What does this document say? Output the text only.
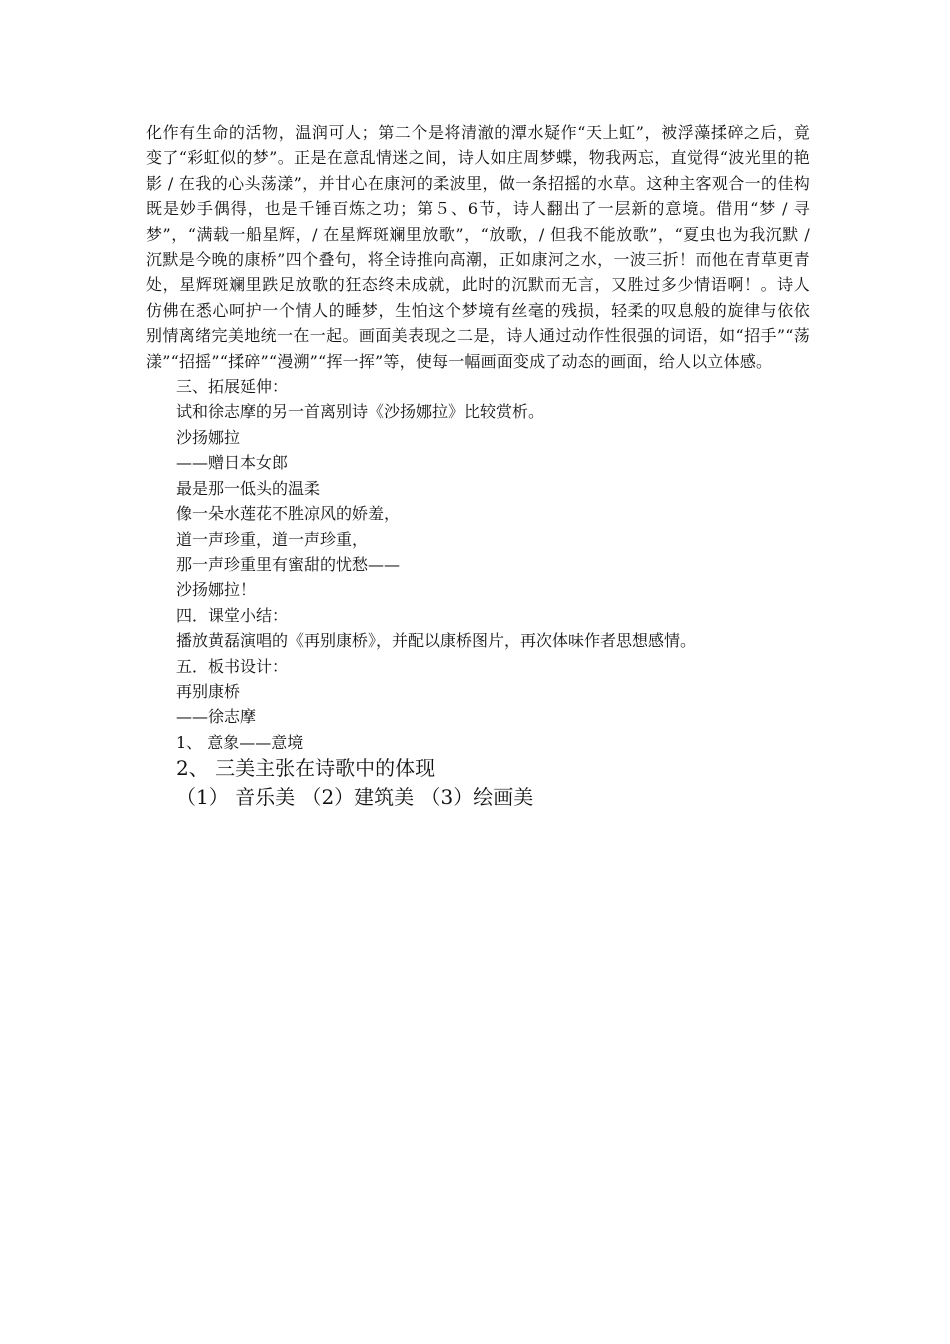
化作有生命的活物，温润可人；第二个是将清澈的潭水疑作“天上虹”，被浮藻揉碎之后，竟变了“彩虹似的梦”。正是在意乱情迷之间，诗人如庄周梦蝶，物我两忘，直觉得“波光里的艳影 / 在我的心头荡漾”，并甘心在康河的柔波里，做一条招摇的水草。这种主客观合一的佳构既是妙手偶得，也是千锤百炼之功；第５、6节，诗人翻出了一层新的意境。借用“梦 / 寻梦”，“满载一船星辉，/ 在星辉斑斓里放歌”，“放歌，/ 但我不能放歌”，“夏虫也为我沉默 / 沉默是今晚的康桥”四个叠句，将全诗推向高潮，正如康河之水，一波三折！而他在青草更青处，星辉斑斓里跌足放歌的狂态终未成就，此时的沉默而无言，又胜过多少情语啊！。诗人仿佛在悉心呵护一个情人的睡梦，生怕这个梦境有丝毫的残损，轻柔的叹息般的旋律与依依别情离绪完美地统一在一起。画面美表现之二是，诗人通过动作性很强的词语，如“招手”“荡漾”“招摇”“揉碎”“漫溯”“挥一挥”等，使每一幅画面变成了动态的画面，给人以立体感。

三、拓展延伸：

试和徐志摩的另一首离别诗《沙扬娜拉》比较赏析。

沙扬娜拉

——赠日本女郎

最是那一低头的温柔

像一朵水莲花不胜凉风的娇羞，

道一声珍重，道一声珍重，

那一声珍重里有蜜甜的忧愁——

沙扬娜拉！

四．课堂小结：

播放黄磊演唱的《再别康桥》，并配以康桥图片，再次体味作者思想感情。

五．板书设计：

再别康桥

——徐志摩

1、 意象——意境

2、 三美主张在诗歌中的体现

（1） 音乐美 （2）建筑美 （3）绘画美
